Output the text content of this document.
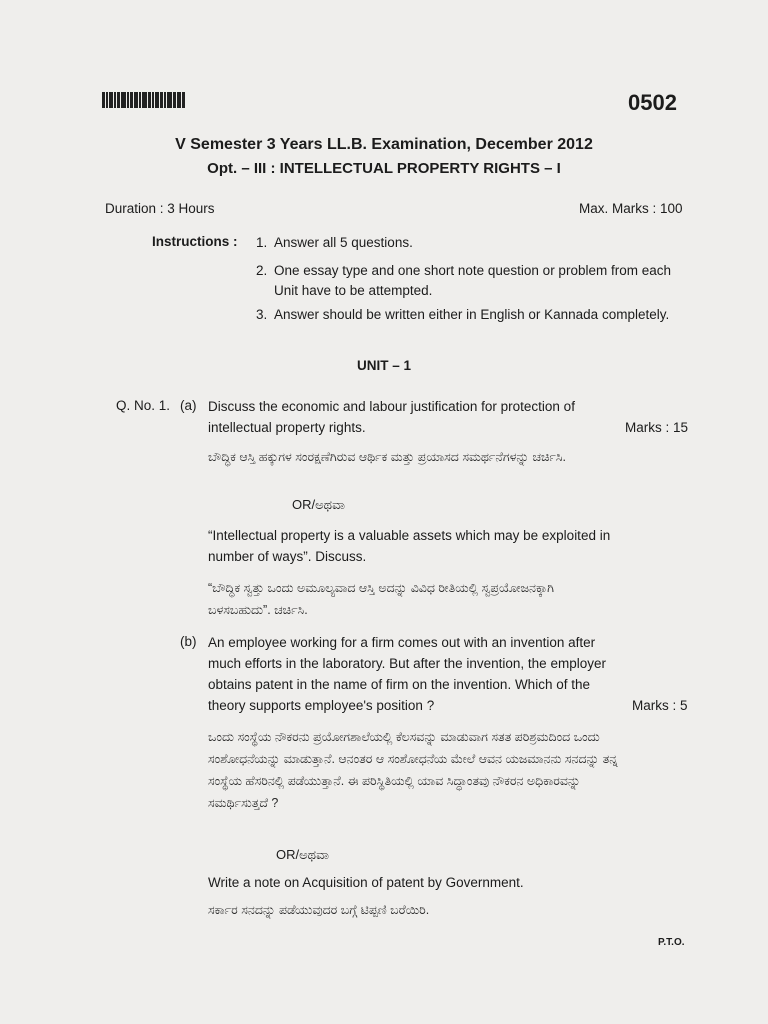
0502
V Semester 3 Years LL.B. Examination, December 2012
Opt. – III : INTELLECTUAL PROPERTY RIGHTS – I
Duration : 3 Hours	Max. Marks : 100
Instructions : 1. Answer all 5 questions.
2. One essay type and one short note question or problem from each Unit have to be attempted.
3. Answer should be written either in English or Kannada completely.
UNIT – 1
Q. No. 1. (a) Discuss the economic and labour justification for protection of intellectual property rights.	Marks : 15
ಬೌದ್ಧಿಕ ಆಸ್ತಿ ಹಕ್ಕುಗಳ ಸಂರಕ್ಷಣೆಗಿರುವ ಆರ್ಥಿಕ ಮತ್ತು ಪ್ರಯಾಸದ ಸಮರ್ಥನೆಗಳನ್ನು ಚರ್ಚಿಸಿ.
OR/ಅಥವಾ
“Intellectual property is a valuable assets which may be exploited in number of ways”. Discuss.
“ಬೌದ್ಧಿಕ ಸ್ವತ್ತು ಒಂದು ಅಮೂಲ್ಯವಾದ ಆಸ್ತಿ ಅದನ್ನು ವಿವಿಧ ರೀತಿಯಲ್ಲಿ ಸ್ವಪ್ರಯೋಜನಕ್ಕಾಗಿ ಬಳಸಬಹುದು”. ಚರ್ಚಿಸಿ.
(b) An employee working for a firm comes out with an invention after much efforts in the laboratory. But after the invention, the employer obtains patent in the name of firm on the invention. Which of the theory supports employee's position ?	Marks : 5
ಒಂದು ಸಂಸ್ಥೆಯ ನೌಕರನು ಪ್ರಯೋಗಶಾಲೆಯಲ್ಲಿ ಕೆಲಸವನ್ನು ಮಾಡುವಾಗ ಸತತ ಪರಿಶ್ರಮದಿಂದ ಒಂದು ಸಂಶೋಧನೆಯನ್ನು ಮಾಡುತ್ತಾನೆ. ಆನಂತರ ಆ ಸಂಶೋಧನೆಯ ಮೇಲೆ ಆವನ ಯಜಮಾನನು ಸನದನ್ನು ತನ್ನ ಸಂಸ್ಥೆಯ ಹೆಸರಿನಲ್ಲಿ ಪಡೆಯುತ್ತಾನೆ. ಈ ಪರಿಸ್ಥಿತಿಯಲ್ಲಿ ಯಾವ ಸಿದ್ಧಾಂತವು ನೌಕರನ ಅಧಿಕಾರವನ್ನು ಸಮರ್ಥಿಸುತ್ತದೆ ?
OR/ಅಥವಾ
Write a note on Acquisition of patent by Government.
ಸರ್ಕಾರ ಸನದನ್ನು ಪಡೆಯುವುದರ ಬಗ್ಗೆ ಟಿಪ್ಪಣಿ ಬರೆಯಿರಿ.
P.T.O.
